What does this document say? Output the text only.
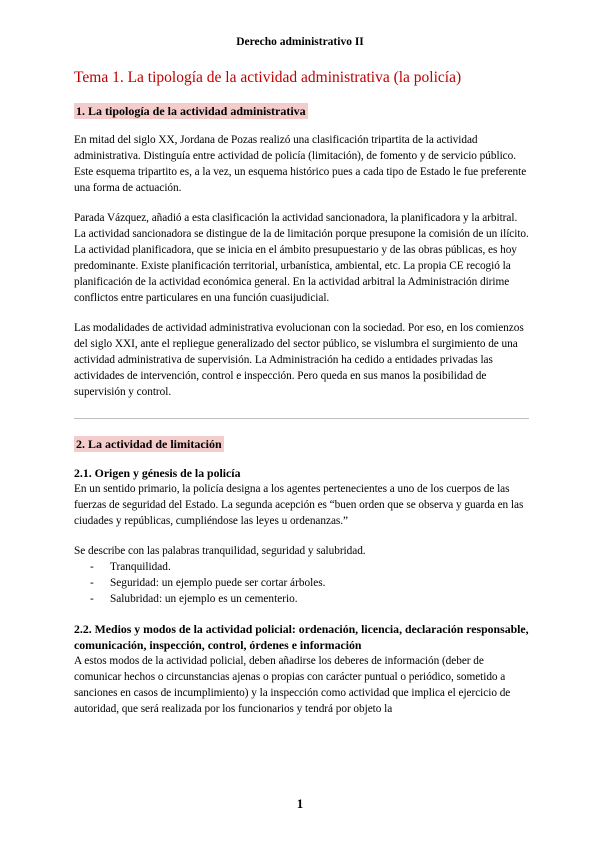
Derecho administrativo II
Tema 1. La tipología de la actividad administrativa (la policía)
1. La tipología de la actividad administrativa

En mitad del siglo XX, Jordana de Pozas realizó una clasificación tripartita de la actividad administrativa. Distinguía entre actividad de policía (limitación), de fomento y de servicio público. Este esquema tripartito es, a la vez, un esquema histórico pues a cada tipo de Estado le fue preferente una forma de actuación.

Parada Vázquez, añadió a esta clasificación la actividad sancionadora, la planificadora y la arbitral. La actividad sancionadora se distingue de la de limitación porque presupone la comisión de un ilícito. La actividad planificadora, que se inicia en el ámbito presupuestario y de las obras públicas, es hoy predominante. Existe planificación territorial, urbanística, ambiental, etc. La propia CE recogió la planificación de la actividad económica general. En la actividad arbitral la Administración dirime conflictos entre particulares en una función cuasijudicial.

Las modalidades de actividad administrativa evolucionan con la sociedad. Por eso, en los comienzos del siglo XXI, ante el repliegue generalizado del sector público, se vislumbra el surgimiento de una actividad administrativa de supervisión. La Administración ha cedido a entidades privadas las actividades de intervención, control e inspección. Pero queda en sus manos la posibilidad de supervisión y control.

2. La actividad de limitación
2.1. Origen y génesis de la policía

En un sentido primario, la policía designa a los agentes pertenecientes a uno de los cuerpos de las fuerzas de seguridad del Estado. La segunda acepción es “buen orden que se observa y guarda en las ciudades y repúblicas, cumpliéndose las leyes u ordenanzas.”

Se describe con las palabras tranquilidad, seguridad y salubridad.

- Tranquilidad.
- Seguridad: un ejemplo puede ser cortar árboles.
- Salubridad: un ejemplo es un cementerio.
2.2. Medios y modos de la actividad policial: ordenación, licencia, declaración responsable, comunicación, inspección, control, órdenes e información

A estos modos de la actividad policial, deben añadirse los deberes de información (deber de comunicar hechos o circunstancias ajenas o propias con carácter puntual o periódico, sometido a sanciones en casos de incumplimiento) y la inspección como actividad que implica el ejercicio de autoridad, que será realizada por los funcionarios y tendrá por objeto la

1
